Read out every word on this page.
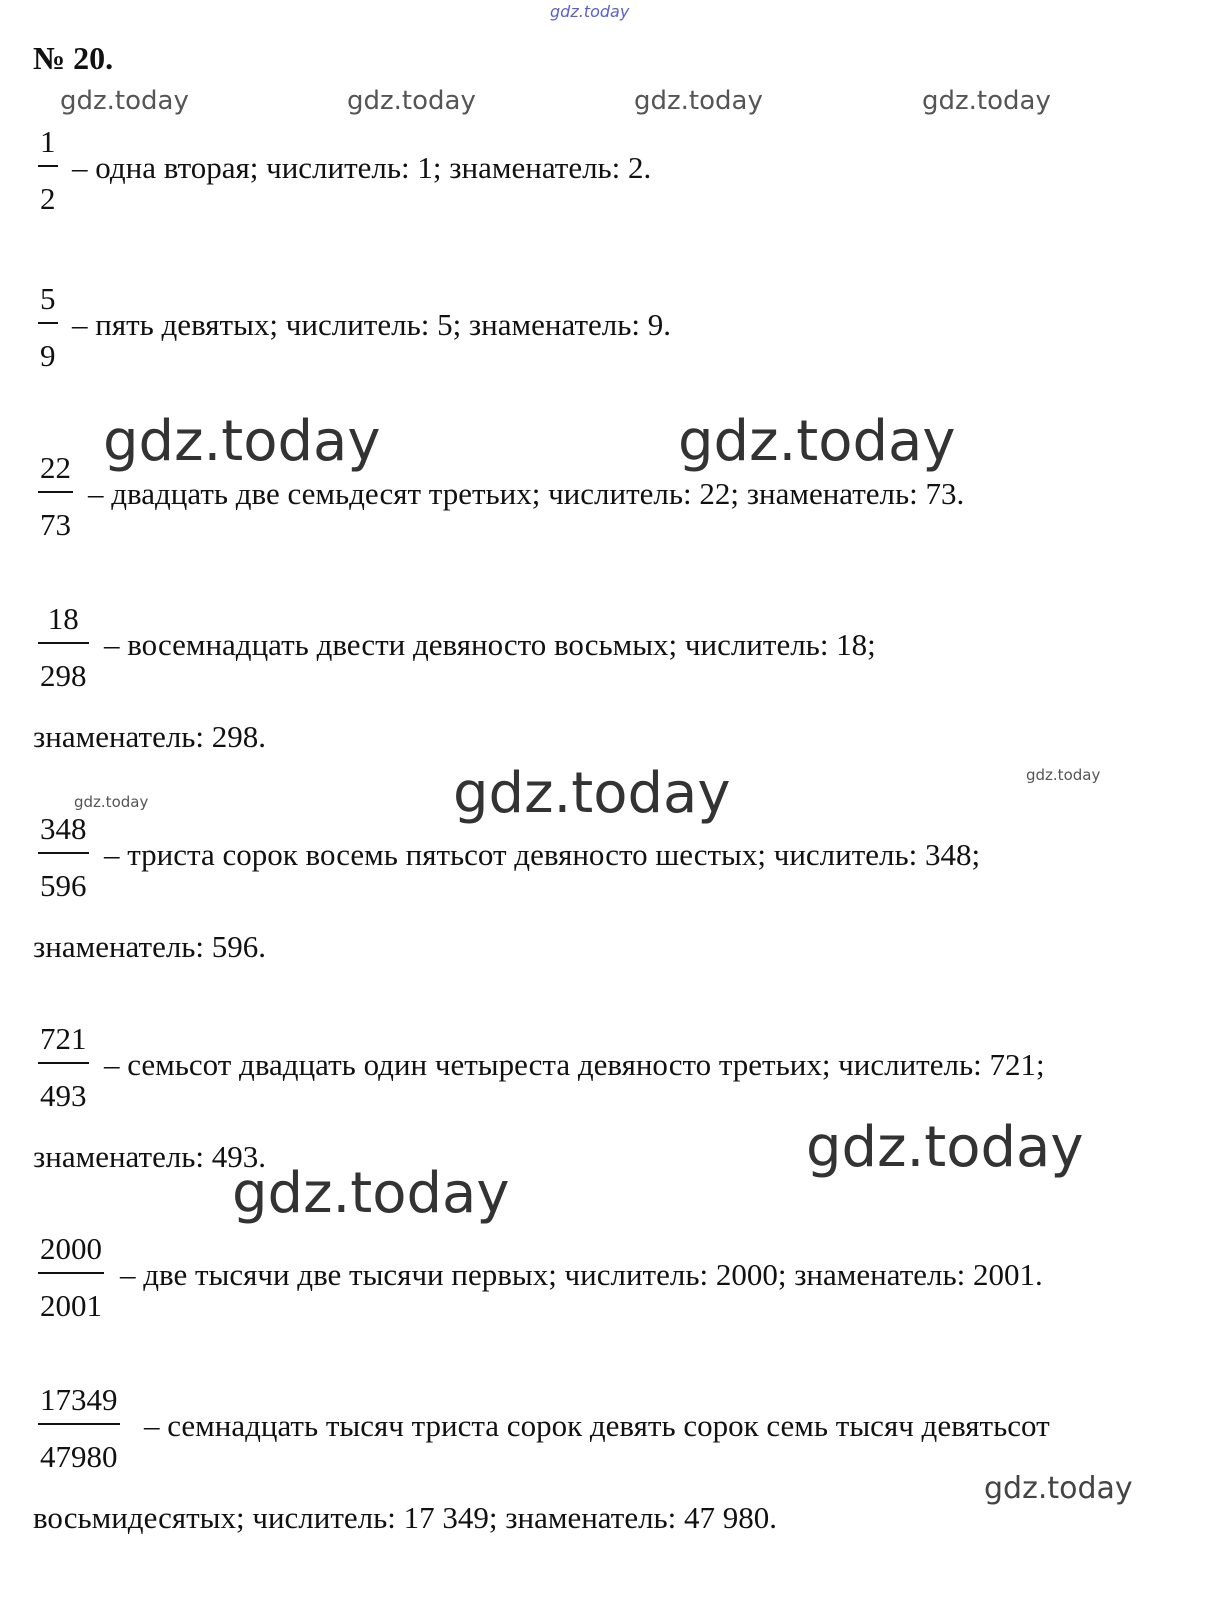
gdz.today
gdz.today	gdz.today	gdz.today	gdz.today
gdz.today	gdz.today
gdz.today
gdz.today	gdz.today
gdz.today
gdz.today
gdz.today
№ 20.
1
2
– одна вторая; числитель: 1; знаменатель: 2.
5
9
– пять девятых; числитель: 5; знаменатель: 9.
22
73
– двадцать две семьдесят третьих; числитель: 22; знаменатель: 73.
18
298
– восемнадцать двести девяносто восьмых; числитель: 18;
знаменатель: 298.
348
596
– триста сорок восемь пятьсот девяносто шестых; числитель: 348;
знаменатель: 596.
721
493
– семьсот двадцать один четыреста девяносто третьих; числитель: 721;
знаменатель: 493.
2000
2001
– две тысячи две тысячи первых; числитель: 2000; знаменатель: 2001.
17349
47980
– семнадцать тысяч триста сорок девять сорок семь тысяч девятьсот
восьмидесятых; числитель: 17 349; знаменатель: 47 980.
